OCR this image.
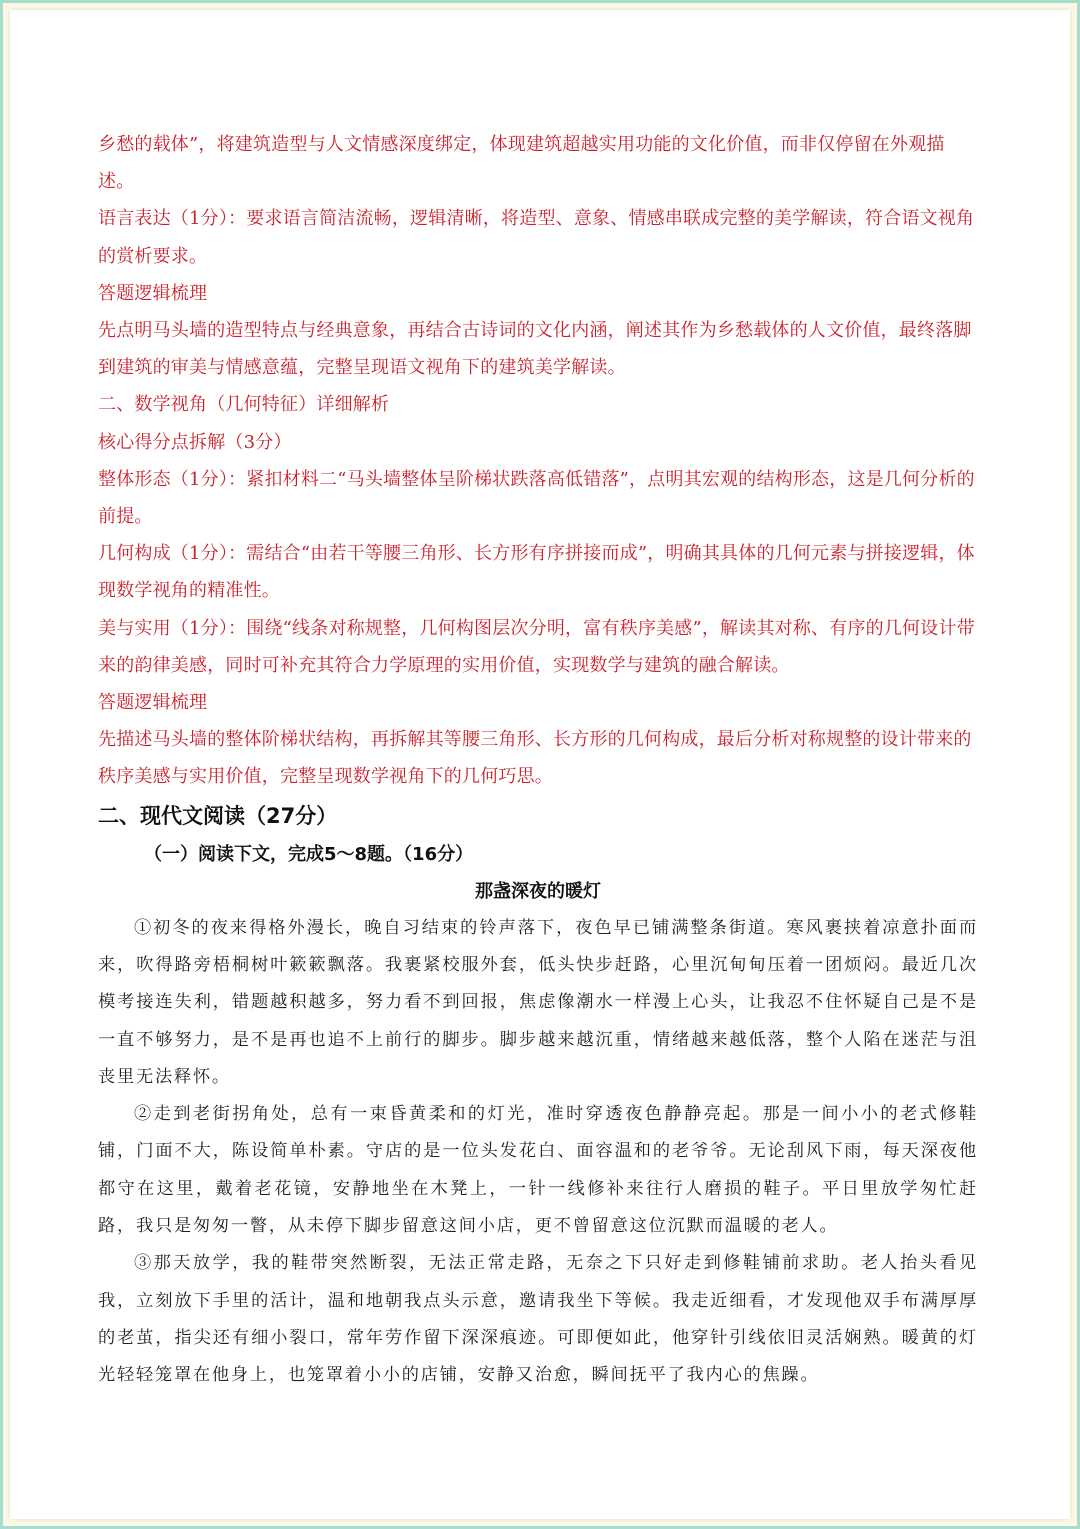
乡愁的载体”，将建筑造型与人文情感深度绑定，体现建筑超越实用功能的文化价值，而非仅停留在外观描述。

语言表达（1分）：要求语言简洁流畅，逻辑清晰，将造型、意象、情感串联成完整的美学解读，符合语文视角的赏析要求。

答题逻辑梳理

先点明马头墙的造型特点与经典意象，再结合古诗词的文化内涵，阐述其作为乡愁载体的人文价值，最终落脚到建筑的审美与情感意蕴，完整呈现语文视角下的建筑美学解读。

二、数学视角（几何特征）详细解析

核心得分点拆解（3分）

整体形态（1分）：紧扣材料二“马头墙整体呈阶梯状跌落高低错落”，点明其宏观的结构形态，这是几何分析的前提。

几何构成（1分）：需结合“由若干等腰三角形、长方形有序拼接而成”，明确其具体的几何元素与拼接逻辑，体现数学视角的精准性。

美与实用（1分）：围绕“线条对称规整，几何构图层次分明，富有秩序美感”，解读其对称、有序的几何设计带来的韵律美感，同时可补充其符合力学原理的实用价值，实现数学与建筑的融合解读。

答题逻辑梳理

先描述马头墙的整体阶梯状结构，再拆解其等腰三角形、长方形的几何构成，最后分析对称规整的设计带来的秩序美感与实用价值，完整呈现数学视角下的几何巧思。

二、现代文阅读（27分）
（一）阅读下文，完成5～8题。（16分）
那盏深夜的暖灯

①初冬的夜来得格外漫长，晚自习结束的铃声落下，夜色早已铺满整条街道。寒风裹挟着凉意扑面而来，吹得路旁梧桐树叶簌簌飘落。我裹紧校服外套，低头快步赶路，心里沉甸甸压着一团烦闷。最近几次模考接连失利，错题越积越多，努力看不到回报，焦虑像潮水一样漫上心头，让我忍不住怀疑自己是不是一直不够努力，是不是再也追不上前行的脚步。脚步越来越沉重，情绪越来越低落，整个人陷在迷茫与沮丧里无法释怀。

②走到老街拐角处，总有一束昏黄柔和的灯光，准时穿透夜色静静亮起。那是一间小小的老式修鞋铺，门面不大，陈设简单朴素。守店的是一位头发花白、面容温和的老爷爷。无论刮风下雨，每天深夜他都守在这里，戴着老花镜，安静地坐在木凳上，一针一线修补来往行人磨损的鞋子。平日里放学匆忙赶路，我只是匆匆一瞥，从未停下脚步留意这间小店，更不曾留意这位沉默而温暖的老人。

③那天放学，我的鞋带突然断裂，无法正常走路，无奈之下只好走到修鞋铺前求助。老人抬头看见我，立刻放下手里的活计，温和地朝我点头示意，邀请我坐下等候。我走近细看，才发现他双手布满厚厚的老茧，指尖还有细小裂口，常年劳作留下深深痕迹。可即便如此，他穿针引线依旧灵活娴熟。暖黄的灯光轻轻笼罩在他身上，也笼罩着小小的店铺，安静又治愈，瞬间抚平了我内心的焦躁。
